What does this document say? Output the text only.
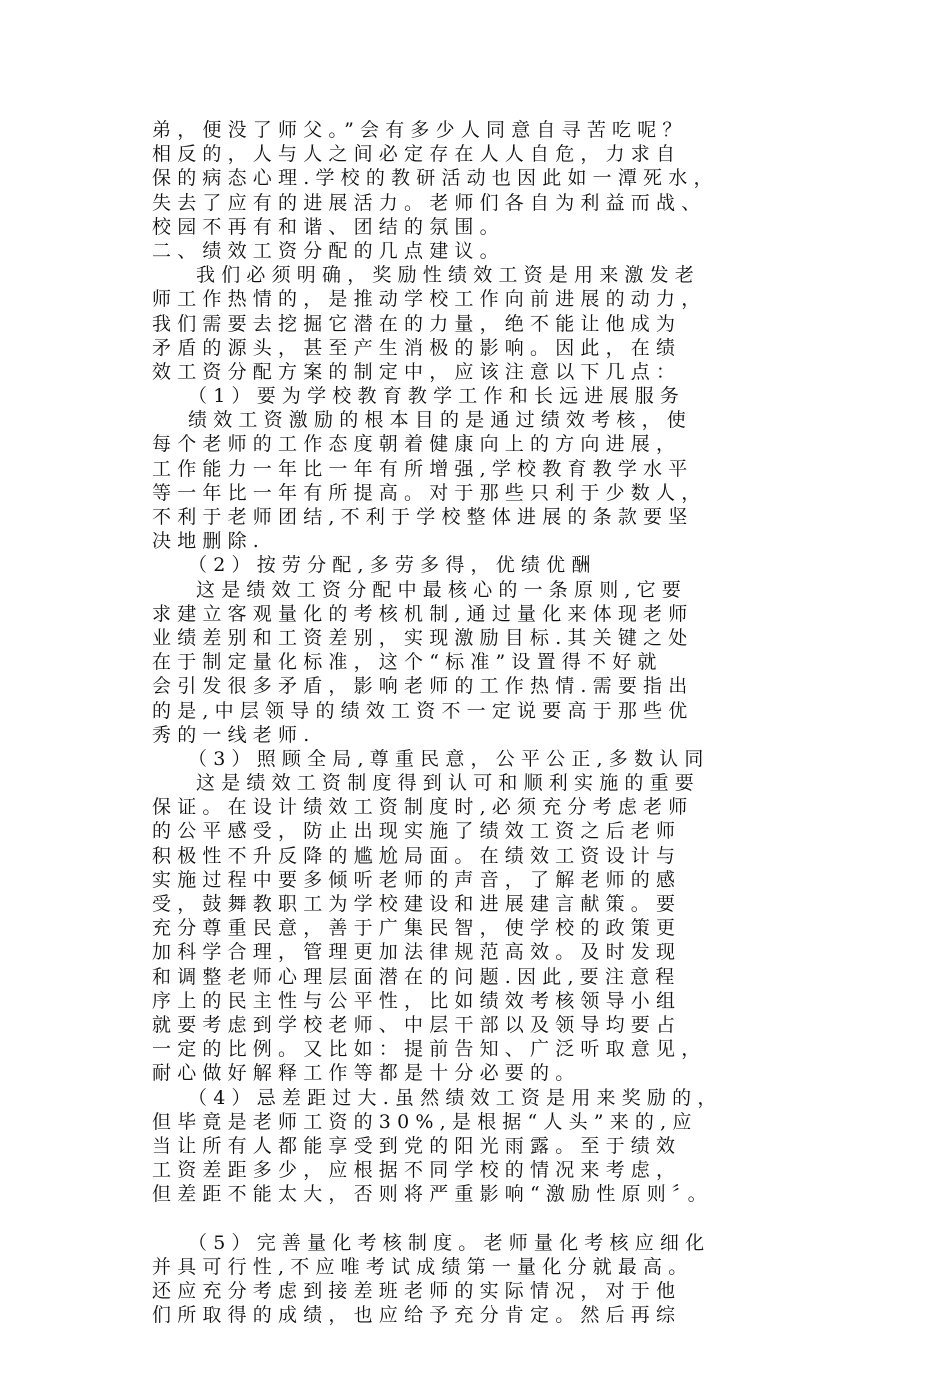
弟，便没了师父。”会有多少人同意自寻苦吃呢？
相反的，人与人之间必定存在人人自危，力求自
保的病态心理.学校的教研活动也因此如一潭死水，
失去了应有的进展活力。老师们各自为利益而战、
校园不再有和谐、团结的氛围。
二、绩效工资分配的几点建议。
我们必须明确，奖励性绩效工资是用来激发老
师工作热情的，是推动学校工作向前进展的动力，
我们需要去挖掘它潜在的力量，绝不能让他成为
矛盾的源头，甚至产生消极的影响。因此，在绩
效工资分配方案的制定中，应该注意以下几点：
（1）要为学校教育教学工作和长远进展服务
绩效工资激励的根本目的是通过绩效考核，使
每个老师的工作态度朝着健康向上的方向进展，
工作能力一年比一年有所增强,学校教育教学水平
等一年比一年有所提高。对于那些只利于少数人，
不利于老师团结,不利于学校整体进展的条款要坚
决地删除.
（2）按劳分配,多劳多得，优绩优酬
这是绩效工资分配中最核心的一条原则,它要
求建立客观量化的考核机制,通过量化来体现老师
业绩差别和工资差别，实现激励目标.其关键之处
在于制定量化标准，这个“标准”设置得不好就
会引发很多矛盾，影响老师的工作热情.需要指出
的是,中层领导的绩效工资不一定说要高于那些优
秀的一线老师.
（3）照顾全局,尊重民意，公平公正,多数认同
这是绩效工资制度得到认可和顺利实施的重要
保证。在设计绩效工资制度时,必须充分考虑老师
的公平感受，防止出现实施了绩效工资之后老师
积极性不升反降的尴尬局面。在绩效工资设计与
实施过程中要多倾听老师的声音，了解老师的感
受，鼓舞教职工为学校建设和进展建言献策。要
充分尊重民意，善于广集民智，使学校的政策更
加科学合理，管理更加法律规范高效。及时发现
和调整老师心理层面潜在的问题.因此,要注意程
序上的民主性与公平性，比如绩效考核领导小组
就要考虑到学校老师、中层干部以及领导均要占
一定的比例。又比如：提前告知、广泛听取意见，
耐心做好解释工作等都是十分必要的。
（4）忌差距过大.虽然绩效工资是用来奖励的，
但毕竟是老师工资的30%,是根据“人头”来的,应
当让所有人都能享受到党的阳光雨露。至于绩效
工资差距多少，应根据不同学校的情况来考虑，
但差距不能太大，否则将严重影响“激励性原则〞。
（5）完善量化考核制度。老师量化考核应细化
并具可行性,不应唯考试成绩第一量化分就最高。
还应充分考虑到接差班老师的实际情况，对于他
们所取得的成绩，也应给予充分肯定。然后再综
